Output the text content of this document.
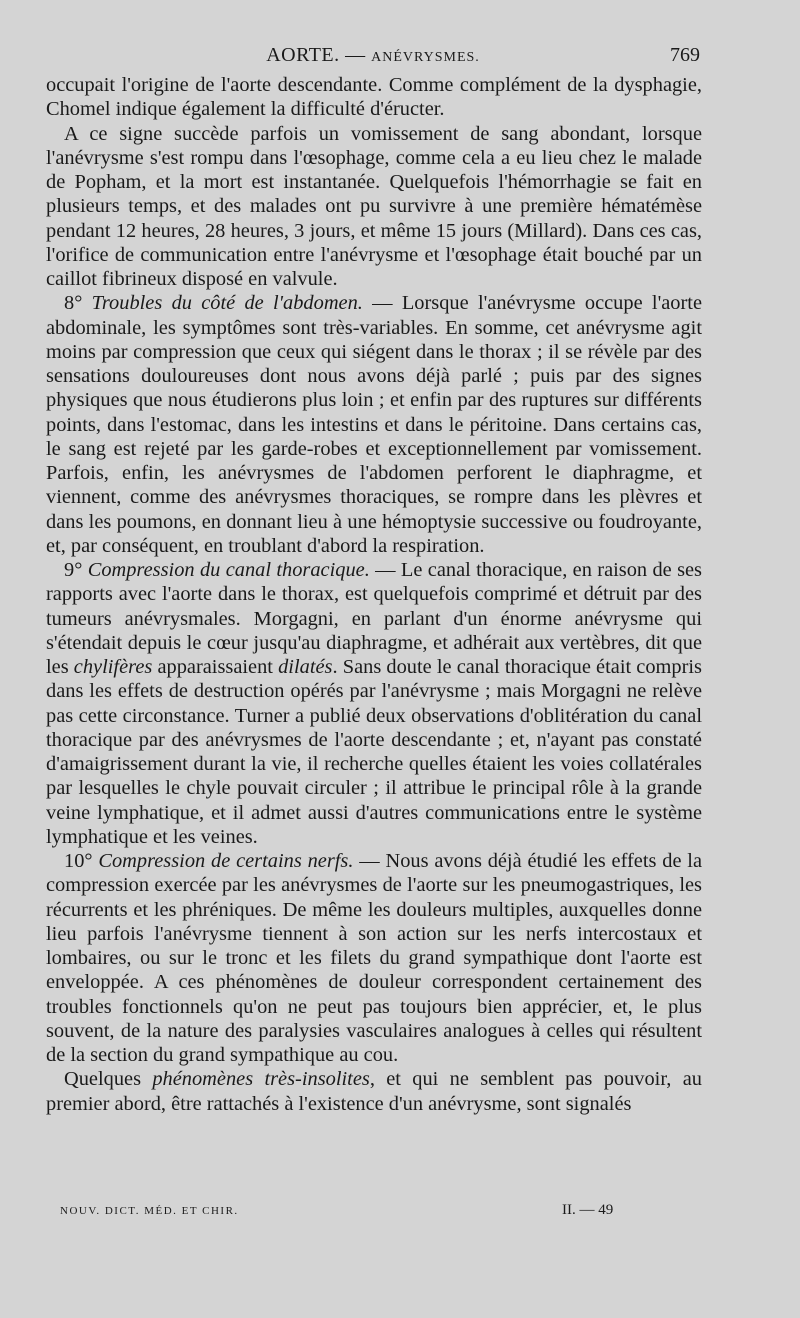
AORTE. — ANÉVRYSMES.	769

occupait l'origine de l'aorte descendante. Comme complément de la dysphagie, Chomel indique également la difficulté d'éructer.

A ce signe succède parfois un vomissement de sang abondant, lorsque l'anévrysme s'est rompu dans l'œsophage, comme cela a eu lieu chez le malade de Popham, et la mort est instantanée. Quelquefois l'hémorrhagie se fait en plusieurs temps, et des malades ont pu survivre à une première hématémèse pendant 12 heures, 28 heures, 3 jours, et même 15 jours (Millard). Dans ces cas, l'orifice de communication entre l'anévrysme et l'œsophage était bouché par un caillot fibrineux disposé en valvule.

8° Troubles du côté de l'abdomen. — Lorsque l'anévrysme occupe l'aorte abdominale, les symptômes sont très-variables. En somme, cet anévrysme agit moins par compression que ceux qui siégent dans le thorax ; il se révèle par des sensations douloureuses dont nous avons déjà parlé ; puis par des signes physiques que nous étudierons plus loin ; et enfin par des ruptures sur différents points, dans l'estomac, dans les intestins et dans le péritoine. Dans certains cas, le sang est rejeté par les garde-robes et exceptionnellement par vomissement. Parfois, enfin, les anévrysmes de l'abdomen perforent le diaphragme, et viennent, comme des anévrysmes thoraciques, se rompre dans les plèvres et dans les poumons, en donnant lieu à une hémoptysie successive ou foudroyante, et, par conséquent, en troublant d'abord la respiration.

9° Compression du canal thoracique. — Le canal thoracique, en raison de ses rapports avec l'aorte dans le thorax, est quelquefois comprimé et détruit par des tumeurs anévrysmales. Morgagni, en parlant d'un énorme anévrysme qui s'étendait depuis le cœur jusqu'au diaphragme, et adhérait aux vertèbres, dit que les chylifères apparaissaient dilatés. Sans doute le canal thoracique était compris dans les effets de destruction opérés par l'anévrysme ; mais Morgagni ne relève pas cette circonstance. Turner a publié deux observations d'oblitération du canal thoracique par des anévrysmes de l'aorte descendante ; et, n'ayant pas constaté d'amaigrissement durant la vie, il recherche quelles étaient les voies collatérales par lesquelles le chyle pouvait circuler ; il attribue le principal rôle à la grande veine lymphatique, et il admet aussi d'autres communications entre le système lymphatique et les veines.

10° Compression de certains nerfs. — Nous avons déjà étudié les effets de la compression exercée par les anévrysmes de l'aorte sur les pneumogastriques, les récurrents et les phréniques. De même les douleurs multiples, auxquelles donne lieu parfois l'anévrysme tiennent à son action sur les nerfs intercostaux et lombaires, ou sur le tronc et les filets du grand sympathique dont l'aorte est enveloppée. A ces phénomènes de douleur correspondent certainement des troubles fonctionnels qu'on ne peut pas toujours bien apprécier, et, le plus souvent, de la nature des paralysies vasculaires analogues à celles qui résultent de la section du grand sympathique au cou.

Quelques phénomènes très-insolites, et qui ne semblent pas pouvoir, au premier abord, être rattachés à l'existence d'un anévrysme, sont signalés

NOUV. DICT. MÉD. ET CHIR.	II. — 49
